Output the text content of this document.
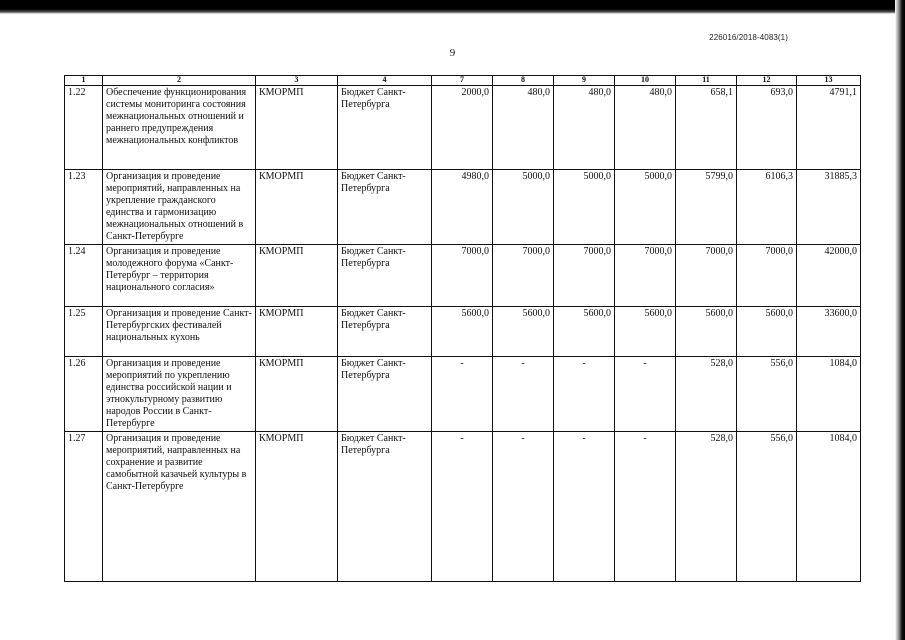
226016/2018-4083(1)
9
1	2	3	4	7	8	9	10	11	12	13
1.22	Обеспечение функционирования системы мониторинга состояния межнациональных отношений и раннего предупреждения межнациональных конфликтов	КМОРМП	Бюджет Санкт-Петербурга	2000,0	480,0	480,0	480,0	658,1	693,0	4791,1
1.23	Организация и проведение мероприятий, направленных на укрепление гражданского единства и гармонизацию межнациональных отношений в Санкт-Петербурге	КМОРМП	Бюджет Санкт-Петербурга	4980,0	5000,0	5000,0	5000,0	5799,0	6106,3	31885,3
1.24	Организация и проведение молодежного форума «Санкт-Петербург – территория национального согласия»	КМОРМП	Бюджет Санкт-Петербурга	7000,0	7000,0	7000,0	7000,0	7000,0	7000,0	42000,0
1.25	Организация и проведение Санкт-Петербургских фестивалей национальных кухонь	КМОРМП	Бюджет Санкт-Петербурга	5600,0	5600,0	5600,0	5600,0	5600,0	5600,0	33600,0
1.26	Организация и проведение мероприятий по укреплению единства российской нации и этнокультурному развитию народов России в Санкт-Петербурге	КМОРМП	Бюджет Санкт-Петербурга	-	-	-	-	528,0	556,0	1084,0
1.27	Организация и проведение мероприятий, направленных на сохранение и развитие самобытной казачьей культуры в Санкт-Петербурге	КМОРМП	Бюджет Санкт-Петербурга	-	-	-	-	528,0	556,0	1084,0
